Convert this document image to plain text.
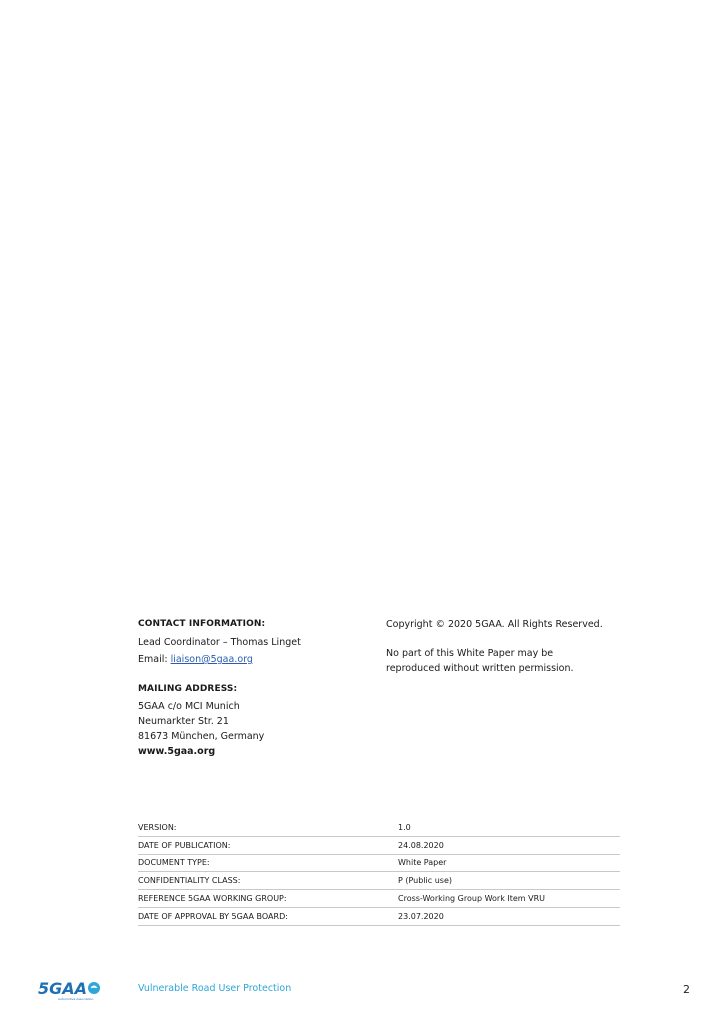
CONTACT INFORMATION:
Lead Coordinator – Thomas Linget
Email: liaison@5gaa.org
MAILING ADDRESS:
5GAA c/o MCI Munich
Neumarkter Str. 21
81673 München, Germany
www.5gaa.org
Copyright © 2020 5GAA. All Rights Reserved.
No part of this White Paper may be
reproduced without written permission.
VERSION:	1.0
DATE OF PUBLICATION:	24.08.2020
DOCUMENT TYPE:	White Paper
CONFIDENTIALITY CLASS:	P (Public use)
REFERENCE 5GAA WORKING GROUP:	Cross-Working Group Work Item VRU
DATE OF APPROVAL BY 5GAA BOARD:	23.07.2020
5GAA
Automotive Association
Vulnerable Road User Protection	2
